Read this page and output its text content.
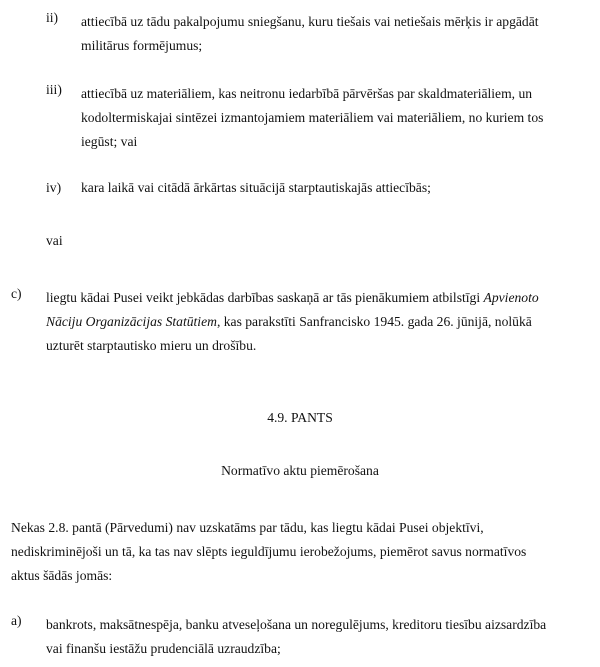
ii) attiecībā uz tādu pakalpojumu sniegšanu, kuru tiešais vai netiešais mērķis ir apgādāt
militārus formējumus;
iii) attiecībā uz materiāliem, kas neitronu iedarbībā pārvēršas par skaldmateriāliem, un
kodoltermiskajai sintēzei izmantojamiem materiāliem vai materiāliem, no kuriem tos
iegūst; vai
iv) kara laikā vai citādā ārkārtas situācijā starptautiskajās attiecībās;
vai
c) liegtu kādai Pusei veikt jebkādas darbības saskaņā ar tās pienākumiem atbilstīgi Apvienoto
Nāciju Organizācijas Statūtiem, kas parakstīti Sanfrancisko 1945. gada 26. jūnijā, nolūkā
uzturēt starptautisko mieru un drošību.
4.9. PANTS
Normatīvo aktu piemērošana
Nekas 2.8. pantā (Pārvedumi) nav uzskatāms par tādu, kas liegtu kādai Pusei objektīvi,
nediskriminējoši un tā, ka tas nav slēpts ieguldījumu ierobežojums, piemērot savus normatīvos
aktus šādās jomās:
a) bankrots, maksātnespēja, banku atveseļošana un noregulējums, kreditoru tiesību aizsardzība
vai finanšu iestāžu prudenciālā uzraudzība;
